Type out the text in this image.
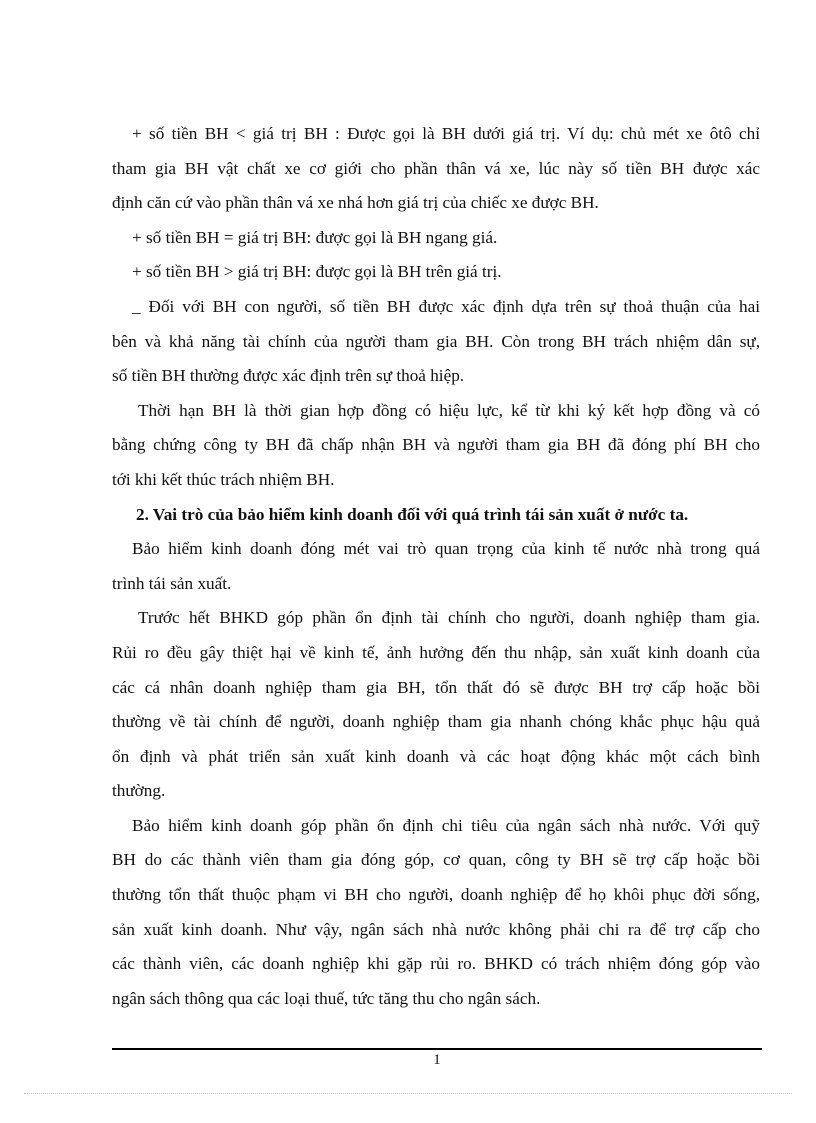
+ số tiền BH < giá trị BH : Được gọi là BH dưới giá trị. Ví dụ: chủ mét xe ôtô chỉ
tham gia BH vật chất xe cơ giới cho phần thân vá xe, lúc này số tiền BH được xác
định căn cứ vào phần thân vá xe nhá hơn giá trị của chiếc xe được BH.
+ số tiền BH = giá trị BH: được gọi là BH ngang giá.
+ số tiền BH > giá trị BH: được gọi là BH trên giá trị.
_ Đối với BH con người, số tiền BH được xác định dựa trên sự thoả thuận của hai
bên và khả năng tài chính của người tham gia BH. Còn trong BH trách nhiệm dân sự,
số tiền BH thường được xác định trên sự thoả hiệp.
Thời hạn BH là thời gian hợp đồng có hiệu lực, kể từ khi ký kết hợp đồng và có
bằng chứng công ty BH đã chấp nhận BH và người tham gia BH đã đóng phí BH cho
tới khi kết thúc trách nhiệm BH.
2. Vai trò của bảo hiểm kinh doanh đối với quá trình tái sản xuất ở nước ta.
Bảo hiểm kinh doanh đóng mét vai trò quan trọng của kinh tế nước nhà trong quá
trình tái sản xuất.
Trước hết BHKD góp phần ổn định tài chính cho người, doanh nghiệp tham gia.
Rủi ro đều gây thiệt hại về kinh tế, ảnh hưởng đến thu nhập, sản xuất kinh doanh của
các cá nhân doanh nghiệp tham gia BH, tổn thất đó sẽ được BH trợ cấp hoặc bồi
thường về tài chính để người, doanh nghiệp tham gia nhanh chóng khắc phục hậu quả
ổn định và phát triển sản xuất kinh doanh và các hoạt động khác một cách bình
thường.
Bảo hiểm kinh doanh góp phần ổn định chi tiêu của ngân sách nhà nước. Với quỹ
BH do các thành viên tham gia đóng góp, cơ quan, công ty BH sẽ trợ cấp hoặc bồi
thường tổn thất thuộc phạm vi BH cho người, doanh nghiệp để họ khôi phục đời sống,
sản xuất kinh doanh. Như vậy, ngân sách nhà nước không phải chi ra để trợ cấp cho
các thành viên, các doanh nghiệp khi gặp rủi ro. BHKD có trách nhiệm đóng góp vào
ngân sách thông qua các loại thuế, tức tăng thu cho ngân sách.
1
